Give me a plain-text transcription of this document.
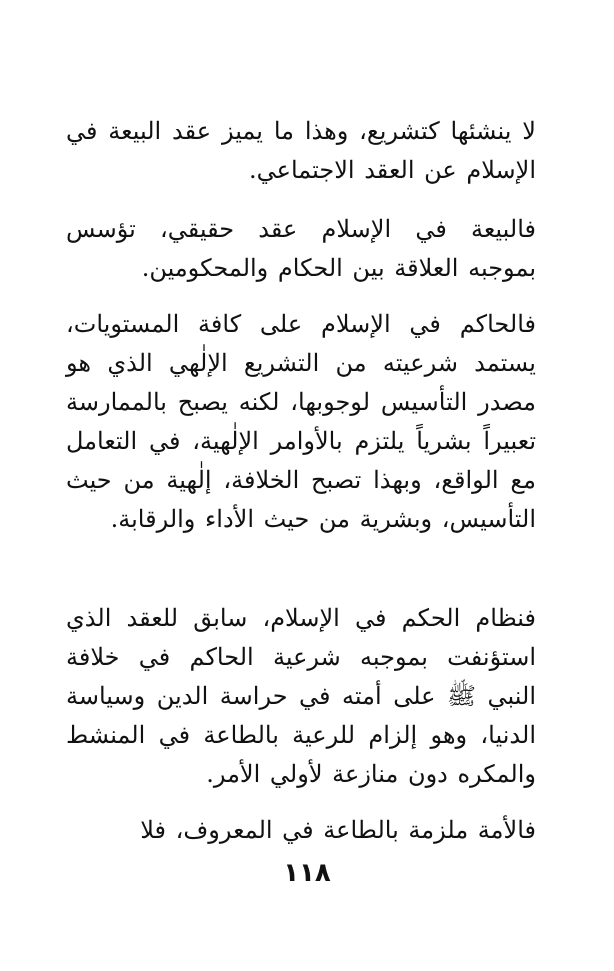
لا ينشئها كتشريع، وهذا ما يميز عقد البيعة في الإسلام عن العقد الاجتماعي.

فالبيعة في الإسلام عقد حقيقي، تؤسس بموجبه العلاقة بين الحكام والمحكومين.

فالحاكم في الإسلام على كافة المستويات، يستمد شرعيته من التشريع الإلٰهي الذي هو مصدر التأسيس لوجوبها، لكنه يصبح بالممارسة تعبيراً بشرياً يلتزم بالأوامر الإلٰهية، في التعامل مع الواقع، وبهذا تصبح الخلافة، إلٰهية من حيث التأسيس، وبشرية من حيث الأداء والرقابة.

فنظام الحكم في الإسلام، سابق للعقد الذي استؤنفت بموجبه شرعية الحاكم في خلافة النبي ﷺ على أمته في حراسة الدين وسياسة الدنيا، وهو إلزام للرعية بالطاعة في المنشط والمكره دون منازعة لأولي الأمر.

فالأمة ملزمة بالطاعة في المعروف، فلا

١١٨
